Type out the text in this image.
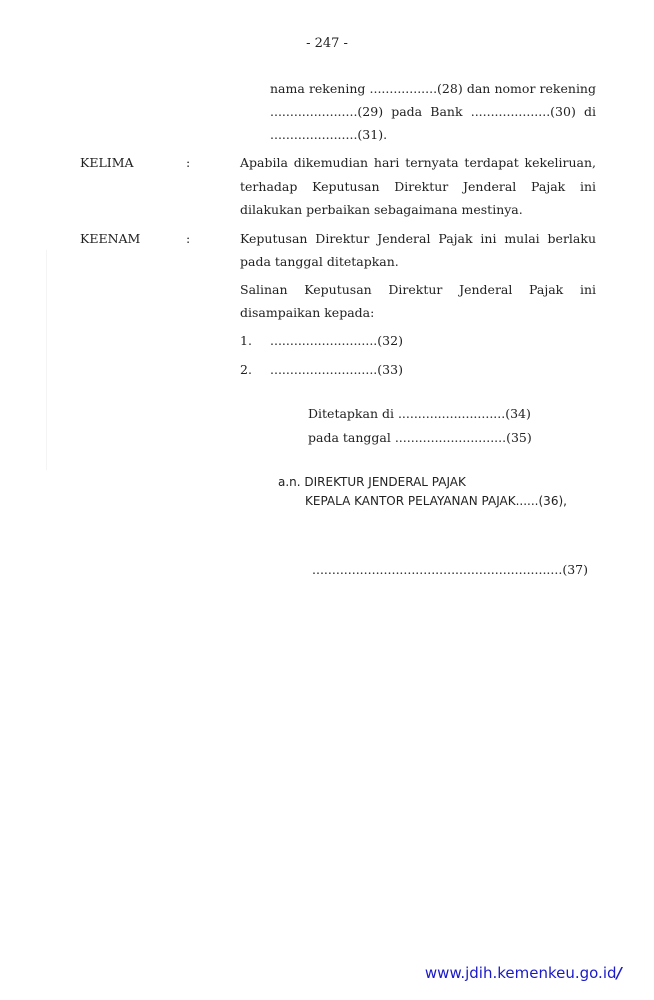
- 247 -
nama rekening .................(28) dan nomor rekening
......................(29) pada Bank ....................(30) di
......................(31).
KELIMA	:	Apabila dikemudian hari ternyata terdapat kekeliruan,
terhadap Keputusan Direktur Jenderal Pajak ini
dilakukan perbaikan sebagaimana mestinya.
KEENAM	:	Keputusan Direktur Jenderal Pajak ini mulai berlaku
pada tanggal ditetapkan.
Salinan Keputusan Direktur Jenderal Pajak ini
disampaikan kepada:
1. ...........................(32)
2. ...........................(33)
Ditetapkan di ...........................(34)
pada tanggal ............................(35)
a.n. DIREKTUR JENDERAL PAJAK
KEPALA KANTOR PELAYANAN PAJAK......(36),
...............................................................(37)
www.jdih.kemenkeu.go.id/
